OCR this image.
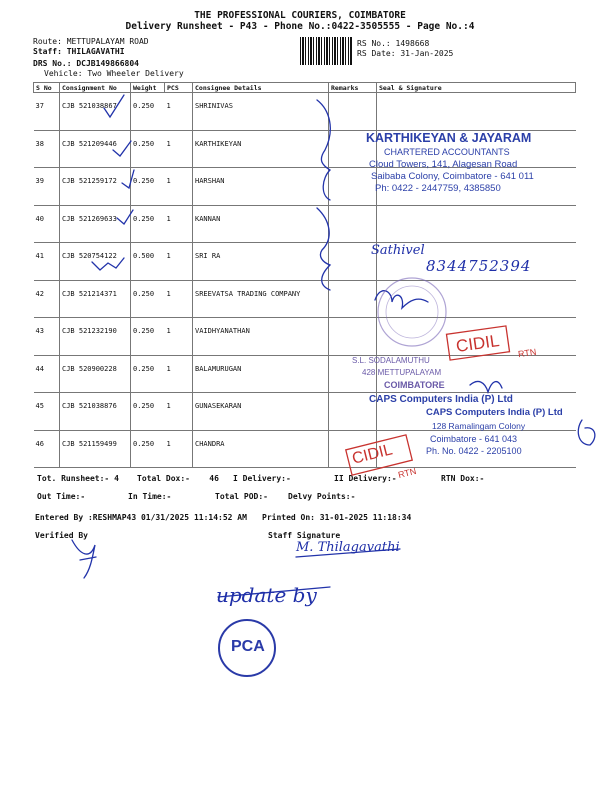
THE PROFESSIONAL COURIERS, COIMBATORE
Delivery Runsheet - P43 - Phone No.:0422-3505555 - Page No.:4
Route: METTUPALAYAM ROAD
Staff: THILAGAVATHI
DRS No.: DCJB149866804
Vehicle: Two Wheeler Delivery
RS No.: 1498668
RS Date: 31-Jan-2025
S No	Consignment No	Weight	PCS	Consignee Details	Remarks	Seal & Signature

37	CJB 521038867	0.250	1	SHRINIVAS		

38	CJB 521209446	0.250	1	KARTHIKEYAN		

39	CJB 521259172	0.250	1	HARSHAN		

40	CJB 521269633	0.250	1	KANNAN		

41	CJB 520754122	0.500	1	SRI RA		

42	CJB 521214371	0.250	1	SREEVATSA TRADING COMPANY		

43	CJB 521232190	0.250	1	VAIDHYANATHAN		

44	CJB 520900228	0.250	1	BALAMURUGAN		

45	CJB 521038876	0.250	1	GUNASEKARAN		

46	CJB 521159499	0.250	1	CHANDRA		

Tot. Runsheet:- 4 Total Dox:- 46 I Delivery:-	II Delivery:-	RTN Dox:-
Out Time:-	In Time:-	Total POD:-	Delvy Points:-
Entered By :RESHMAP43 01/31/2025 11:14:52 AM Printed On: 31-01-2025 11:18:34
Verified By	Staff Signature
KARTHIKEYAN & JAYARAM
CHARTERED ACCOUNTANTS
Cloud Towers, 141, Alagesan Road
Saibaba Colony, Coimbatore - 641 011
Ph: 0422 - 2447759, 4385850
Sathivel
8344752394
CIDIL RTN
CIDIL
RTN
S.L. SODALAMUTHU
428 METTUPALAYAM
COIMBATORE
CAPS Computers India (P) Ltd
CAPS Computers India (P) Ltd
128 Ramalingam Colony
Coimbatore - 641 043
Ph. No. 0422 - 2205100
M. Thilagavathi
update by
PCA
